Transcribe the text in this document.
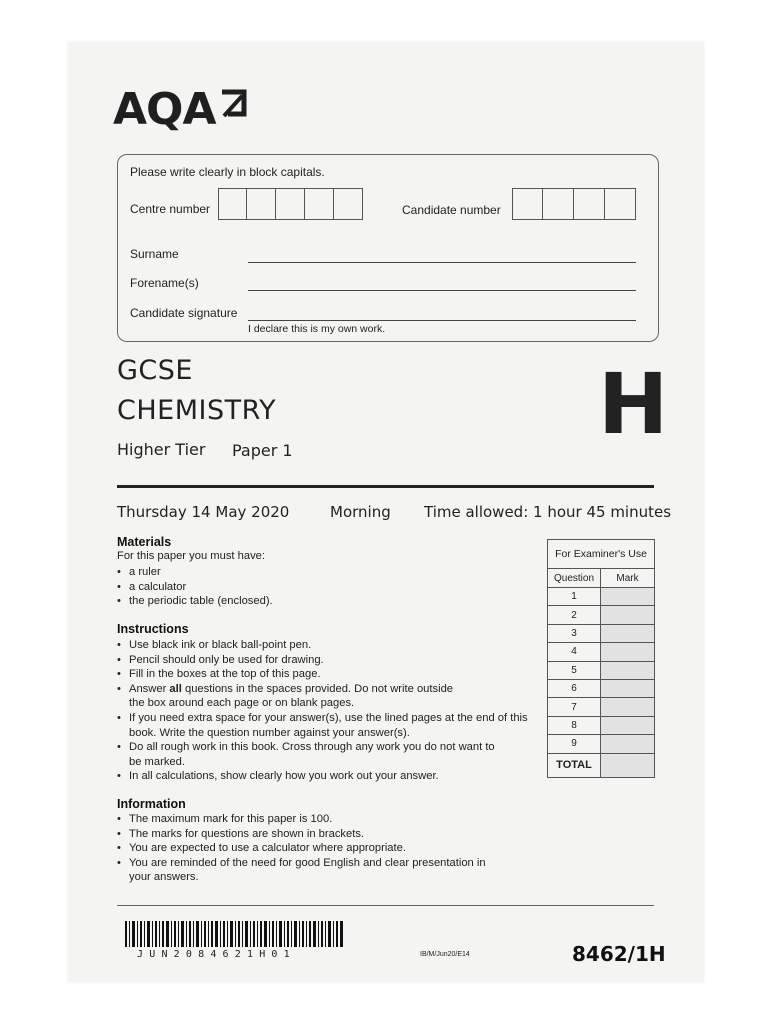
AQA
Please write clearly in block capitals.
Centre number	Candidate number
Surname
Forename(s)
Candidate signature
I declare this is my own work.
GCSE
CHEMISTRY
Higher Tier Paper 1	H
Thursday 14 May 2020	Morning Time allowed: 1 hour 45 minutes
Materials
For this paper you must have:
• a ruler
• a calculator
• the periodic table (enclosed).
Instructions
• Use black ink or black ball-point pen.
• Pencil should only be used for drawing.
• Fill in the boxes at the top of this page.
• Answer all questions in the spaces provided. Do not write outside the box around each page or on blank pages.
• If you need extra space for your answer(s), use the lined pages at the end of this book. Write the question number against your answer(s).
• Do all rough work in this book. Cross through any work you do not want to be marked.
• In all calculations, show clearly how you work out your answer.
Information
• The maximum mark for this paper is 100.
• The marks for questions are shown in brackets.
• You are expected to use a calculator where appropriate.
• You are reminded of the need for good English and clear presentation in your answers.
For Examiner's Use	
Question	Mark
1	
2	
3	
4	
5	
6	
7	
8	
9	
TOTAL	
JUN2084621H01	IB/M/Jun20/E14	8462/1H
